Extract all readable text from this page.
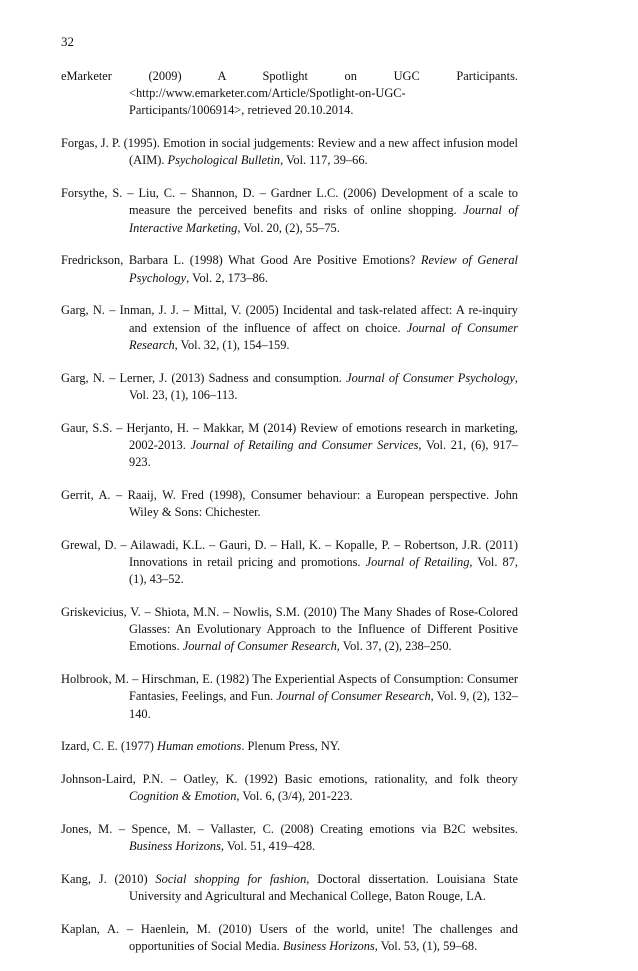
32

eMarketer (2009) A Spotlight on UGC Participants.
<http://www.emarketer.com/Article/Spotlight-on-UGC-Participants/1006914>, retrieved 20.10.2014.

Forgas, J. P. (1995). Emotion in social judgements: Review and a new affect infusion model (AIM). Psychological Bulletin, Vol. 117, 39–66.

Forsythe, S. – Liu, C. – Shannon, D. – Gardner L.C. (2006) Development of a scale to measure the perceived benefits and risks of online shopping. Journal of Interactive Marketing, Vol. 20, (2), 55–75.

Fredrickson, Barbara L. (1998) What Good Are Positive Emotions? Review of General Psychology, Vol. 2, 173–86.

Garg, N. – Inman, J. J. – Mittal, V. (2005) Incidental and task-related affect: A re-inquiry and extension of the influence of affect on choice. Journal of Consumer Research, Vol. 32, (1), 154–159.

Garg, N. – Lerner, J. (2013) Sadness and consumption. Journal of Consumer Psychology, Vol. 23, (1), 106–113.

Gaur, S.S. – Herjanto, H. – Makkar, M (2014) Review of emotions research in marketing, 2002-2013. Journal of Retailing and Consumer Services, Vol. 21, (6), 917–923.

Gerrit, A. – Raaij, W. Fred (1998), Consumer behaviour: a European perspective. John Wiley & Sons: Chichester.

Grewal, D. – Ailawadi, K.L. – Gauri, D. – Hall, K. – Kopalle, P. – Robertson, J.R. (2011) Innovations in retail pricing and promotions. Journal of Retailing, Vol. 87, (1), 43–52.

Griskevicius, V. – Shiota, M.N. – Nowlis, S.M. (2010) The Many Shades of Rose-Colored Glasses: An Evolutionary Approach to the Influence of Different Positive Emotions. Journal of Consumer Research, Vol. 37, (2), 238–250.

Holbrook, M. – Hirschman, E. (1982) The Experiential Aspects of Consumption: Consumer Fantasies, Feelings, and Fun. Journal of Consumer Research, Vol. 9, (2), 132–140.

Izard, C. E. (1977) Human emotions. Plenum Press, NY.

Johnson-Laird, P.N. – Oatley, K. (1992) Basic emotions, rationality, and folk theory Cognition & Emotion, Vol. 6, (3/4), 201-223.

Jones, M. – Spence, M. – Vallaster, C. (2008) Creating emotions via B2C websites. Business Horizons, Vol. 51, 419–428.

Kang, J. (2010) Social shopping for fashion, Doctoral dissertation. Louisiana State University and Agricultural and Mechanical College, Baton Rouge, LA.

Kaplan, A. – Haenlein, M. (2010) Users of the world, unite! The challenges and opportunities of Social Media. Business Horizons, Vol. 53, (1), 59–68.
